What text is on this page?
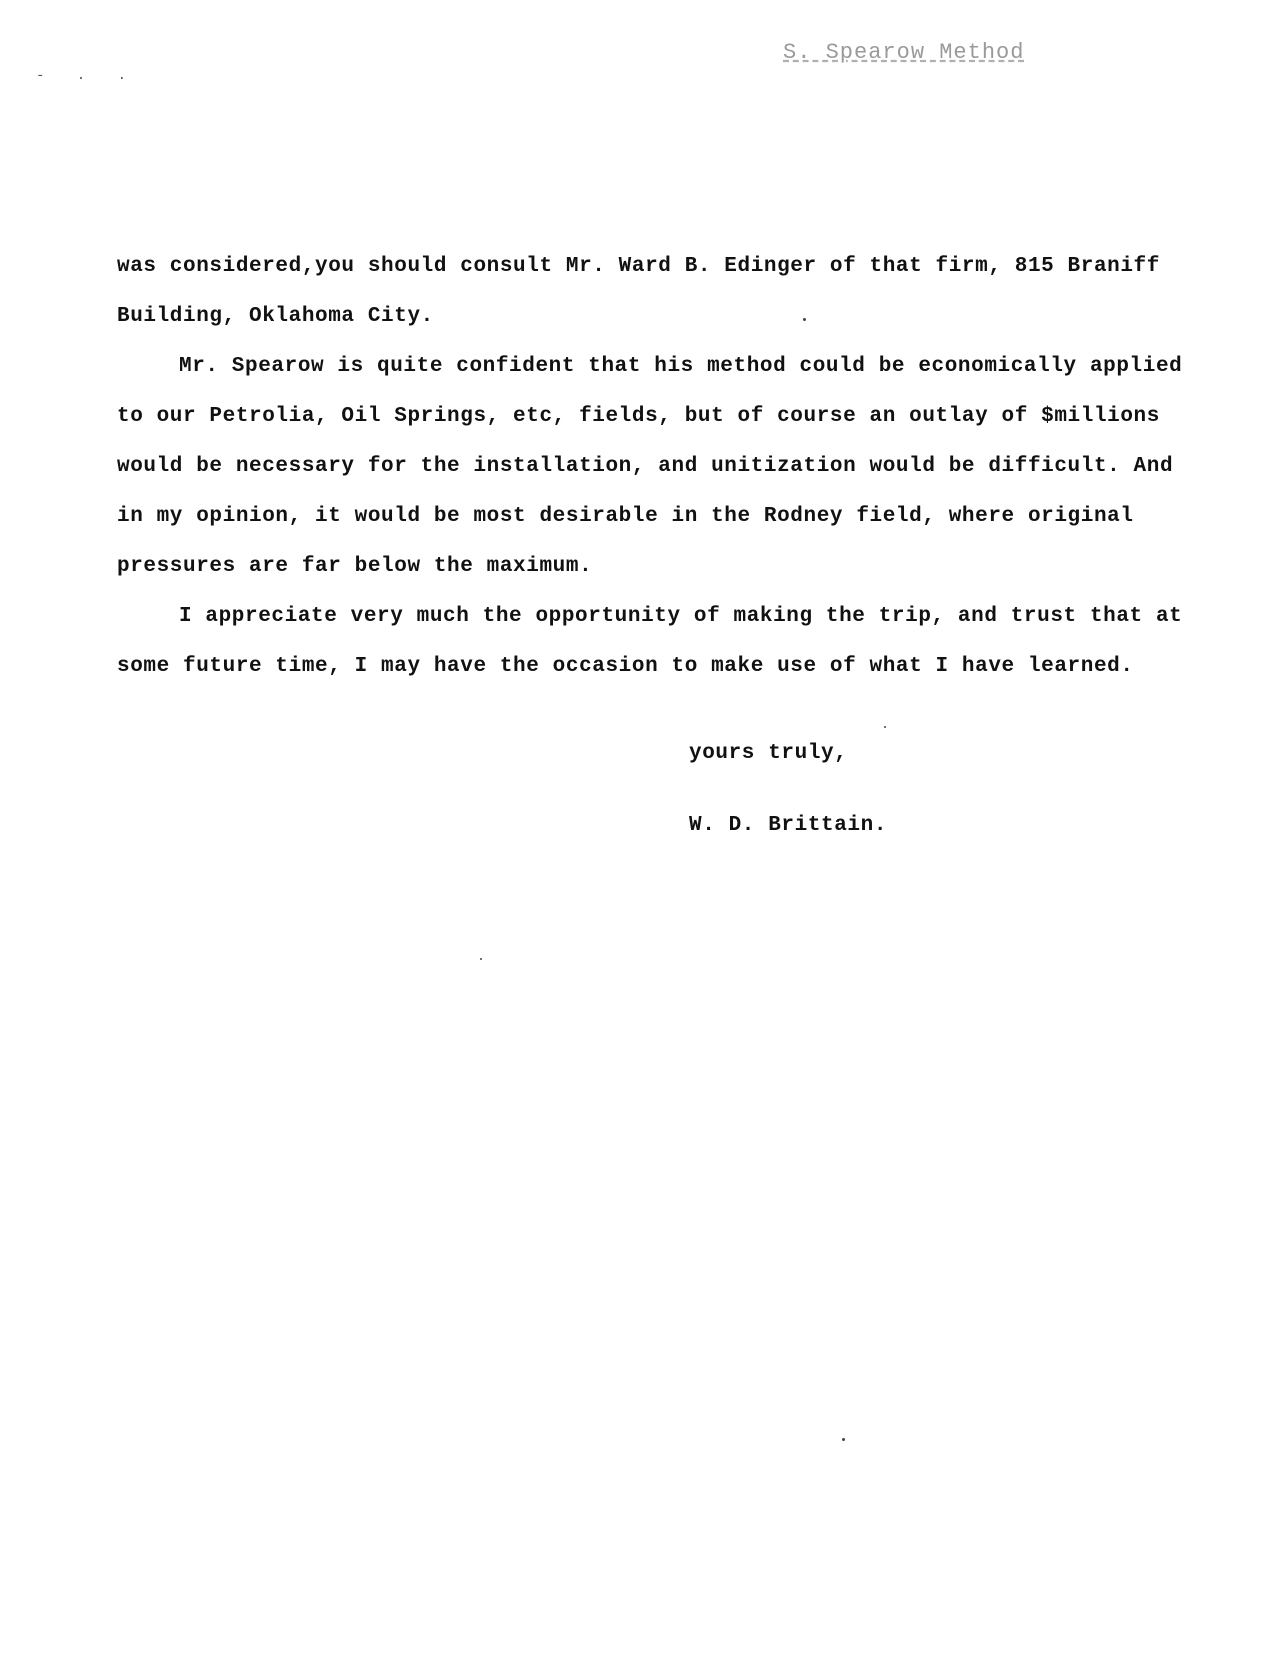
S. Spearow Method
- . .
was considered,you should consult Mr. Ward B. Edinger of that firm, 815 Braniff
Building, Oklahoma City.
Mr. Spearow is quite confident that his method could be economically applied
to our Petrolia, Oil Springs, etc, fields, but of course an outlay of $millions
would be necessary for the installation, and unitization would be difficult. And
in my opinion, it would be most desirable in the Rodney field, where original
pressures are far below the maximum.
I appreciate very much the opportunity of making the trip, and trust that at
some future time, I may have the occasion to make use of what I have learned.
yours truly,
W. D. Brittain.
